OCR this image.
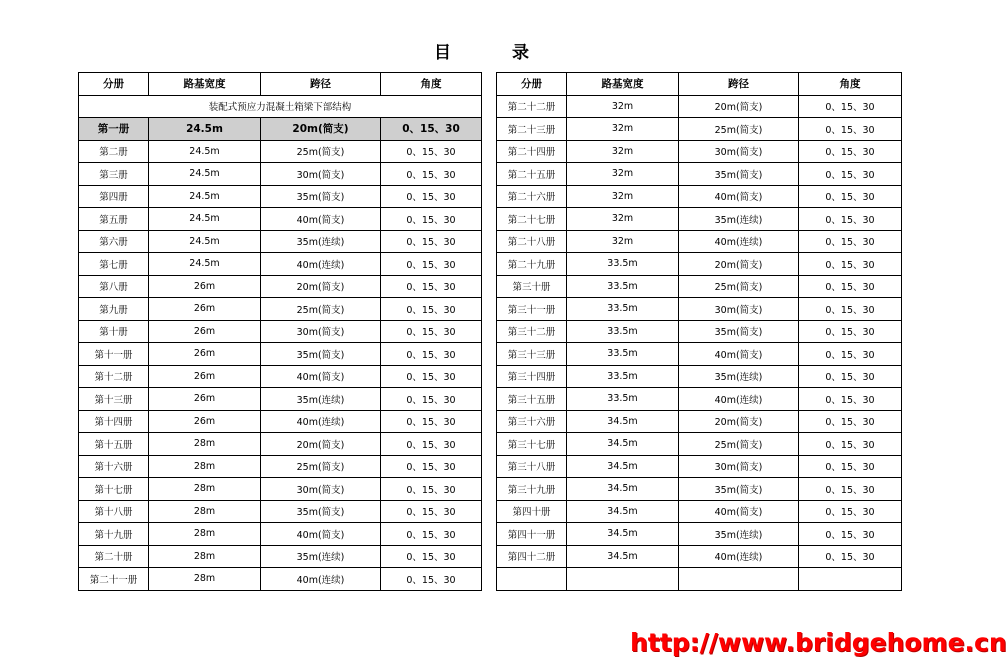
目	录
分册	路基宽度	跨径	角度
装配式预应力混凝土箱梁下部结构			
第一册	24.5m	20m(简支)	0、15、30
第二册	24.5m	25m(简支)	0、15、30
第三册	24.5m	30m(简支)	0、15、30
第四册	24.5m	35m(简支)	0、15、30
第五册	24.5m	40m(简支)	0、15、30
第六册	24.5m	35m(连续)	0、15、30
第七册	24.5m	40m(连续)	0、15、30
第八册	26m	20m(简支)	0、15、30
第九册	26m	25m(简支)	0、15、30
第十册	26m	30m(简支)	0、15、30
第十一册	26m	35m(简支)	0、15、30
第十二册	26m	40m(简支)	0、15、30
第十三册	26m	35m(连续)	0、15、30
第十四册	26m	40m(连续)	0、15、30
第十五册	28m	20m(简支)	0、15、30
第十六册	28m	25m(简支)	0、15、30
第十七册	28m	30m(简支)	0、15、30
第十八册	28m	35m(简支)	0、15、30
第十九册	28m	40m(简支)	0、15、30
第二十册	28m	35m(连续)	0、15、30
第二十一册	28m	40m(连续)	0、15、30
分册	路基宽度	跨径	角度
第二十二册	32m	20m(简支)	0、15、30
第二十三册	32m	25m(简支)	0、15、30
第二十四册	32m	30m(简支)	0、15、30
第二十五册	32m	35m(简支)	0、15、30
第二十六册	32m	40m(简支)	0、15、30
第二十七册	32m	35m(连续)	0、15、30
第二十八册	32m	40m(连续)	0、15、30
第二十九册	33.5m	20m(简支)	0、15、30
第三十册	33.5m	25m(简支)	0、15、30
第三十一册	33.5m	30m(简支)	0、15、30
第三十二册	33.5m	35m(简支)	0、15、30
第三十三册	33.5m	40m(简支)	0、15、30
第三十四册	33.5m	35m(连续)	0、15、30
第三十五册	33.5m	40m(连续)	0、15、30
第三十六册	34.5m	20m(简支)	0、15、30
第三十七册	34.5m	25m(简支)	0、15、30
第三十八册	34.5m	30m(简支)	0、15、30
第三十九册	34.5m	35m(简支)	0、15、30
第四十册	34.5m	40m(简支)	0、15、30
第四十一册	34.5m	35m(连续)	0、15、30
第四十二册	34.5m	40m(连续)	0、15、30

http://www.bridgehome.cn
